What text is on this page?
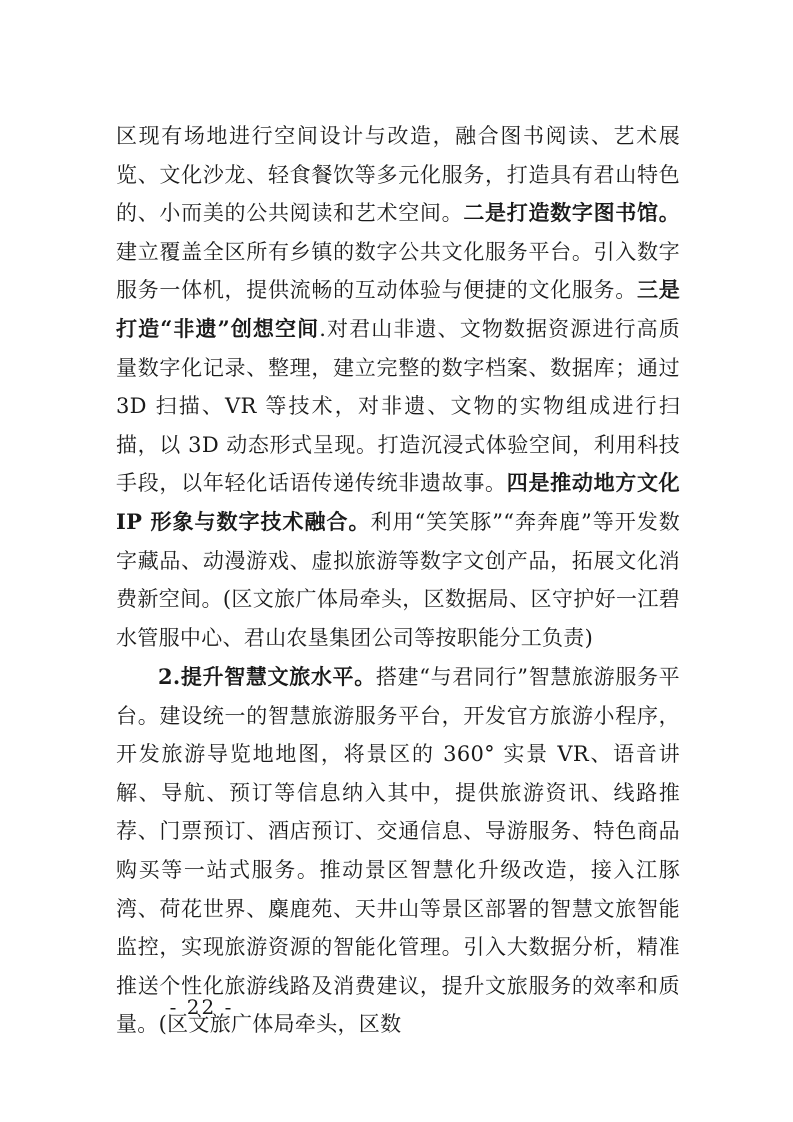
区现有场地进行空间设计与改造，融合图书阅读、艺术展览、文化沙龙、轻食餐饮等多元化服务，打造具有君山特色的、小而美的公共阅读和艺术空间。二是打造数字图书馆。建立覆盖全区所有乡镇的数字公共文化服务平台。引入数字服务一体机，提供流畅的互动体验与便捷的文化服务。三是打造“非遗”创想空间.对君山非遗、文物数据资源进行高质量数字化记录、整理，建立完整的数字档案、数据库；通过 3D 扫描、VR 等技术，对非遗、文物的实物组成进行扫描，以 3D 动态形式呈现。打造沉浸式体验空间，利用科技手段，以年轻化话语传递传统非遗故事。四是推动地方文化 IP 形象与数字技术融合。利用“笑笑豚”“奔奔鹿”等开发数字藏品、动漫游戏、虚拟旅游等数字文创产品，拓展文化消费新空间。(区文旅广体局牵头，区数据局、区守护好一江碧水管服中心、君山农垦集团公司等按职能分工负责)

2.提升智慧文旅水平。搭建“与君同行”智慧旅游服务平台。建设统一的智慧旅游服务平台，开发官方旅游小程序，开发旅游导览地地图，将景区的 360° 实景 VR、语音讲解、导航、预订等信息纳入其中，提供旅游资讯、线路推荐、门票预订、酒店预订、交通信息、导游服务、特色商品购买等一站式服务。推动景区智慧化升级改造，接入江豚湾、荷花世界、麋鹿苑、天井山等景区部署的智慧文旅智能监控，实现旅游资源的智能化管理。引入大数据分析，精准推送个性化旅游线路及消费建议，提升文旅服务的效率和质量。(区文旅广体局牵头，区数

- 22 -
